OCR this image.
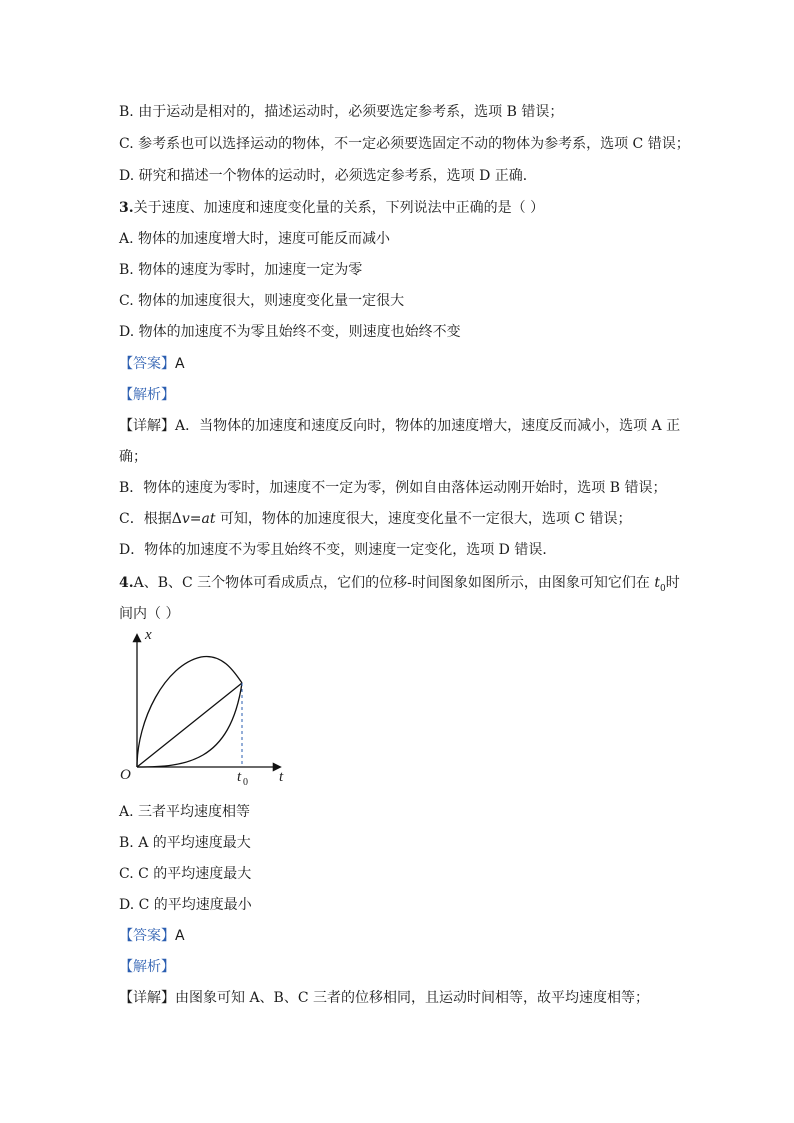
B. 由于运动是相对的，描述运动时，必须要选定参考系，选项 B 错误；
C. 参考系也可以选择运动的物体，不一定必须要选固定不动的物体为参考系，选项 C 错误；
D. 研究和描述一个物体的运动时，必须选定参考系，选项 D 正确．
3.关于速度、加速度和速度变化量的关系，下列说法中正确的是（ ）
A. 物体的加速度增大时，速度可能反而减小
B. 物体的速度为零时，加速度一定为零
C. 物体的加速度很大，则速度变化量一定很大
D. 物体的加速度不为零且始终不变，则速度也始终不变
【答案】A
【解析】
【详解】A．当物体的加速度和速度反向时，物体的加速度增大，速度反而减小，选项 A 正
确；
B．物体的速度为零时，加速度不一定为零，例如自由落体运动刚开始时，选项 B 错误；
C．根据Δv=at 可知，物体的加速度很大，速度变化量不一定很大，选项 C 错误；
D．物体的加速度不为零且始终不变，则速度一定变化，选项 D 错误．
4.A、B、C 三个物体可看成质点，它们的位移-时间图象如图所示，由图象可知它们在 $t_0$时
间内（ ）
x
t
O	t 0
A. 三者平均速度相等
B. A 的平均速度最大
C. C 的平均速度最大
D. C 的平均速度最小
【答案】A
【解析】
【详解】由图象可知 A、B、C 三者的位移相同，且运动时间相等，故平均速度相等；
